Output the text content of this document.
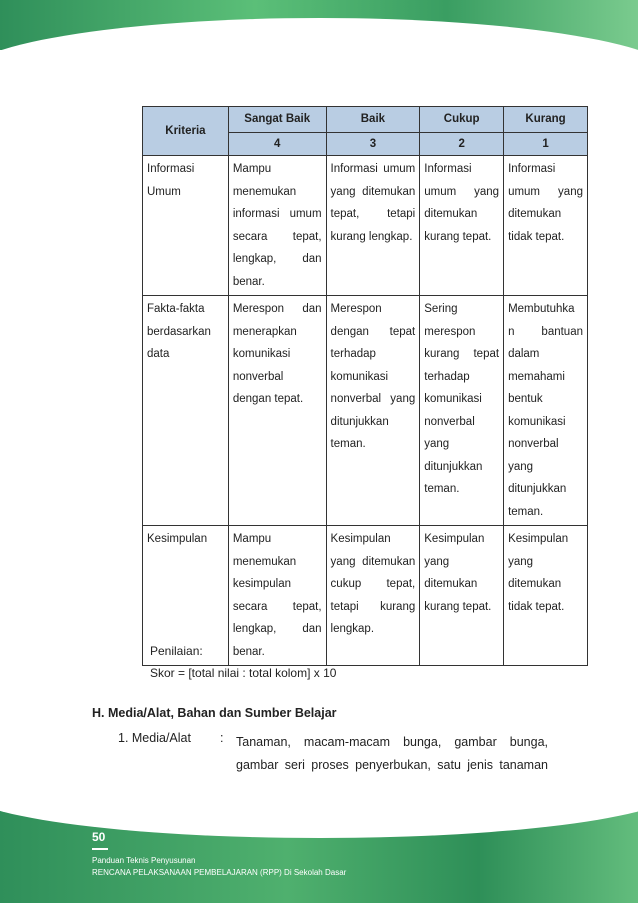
Kriteria	Sangat Baik	Baik	Cukup	Kurang
	4	3	2	1
Informasi Umum	Mampu menemukan informasi umum secara tepat, lengkap, dan benar.	Informasi umum yang ditemukan tepat, tetapi kurang lengkap.	Informasi umum yang ditemukan kurang tepat.	Informasi umum yang ditemukan tidak tepat.
Fakta-fakta berdasarkan data	Merespon dan menerapkan komunikasi nonverbal dengan tepat.	Merespon dengan tepat terhadap komunikasi nonverbal yang ditunjukkan teman.	Sering merespon kurang tepat terhadap komunikasi nonverbal yang ditunjukkan teman.	Membutuhka n bantuan dalam memahami bentuk komunikasi nonverbal yang ditunjukkan teman.
Kesimpulan	Mampu menemukan kesimpulan secara tepat, lengkap, dan benar.	Kesimpulan yang ditemukan cukup tepat, tetapi kurang lengkap.	Kesimpulan yang ditemukan kurang tepat.	Kesimpulan yang ditemukan tidak tepat.
Penilaian:
Skor = [total nilai : total kolom] x 10
H. Media/Alat, Bahan dan Sumber Belajar
1. Media/Alat : Tanaman, macam-macam bunga, gambar bunga, gambar seri proses penyerbukan, satu jenis tanaman
50
Panduan Teknis Penyusunan
RENCANA PELAKSANAAN PEMBELAJARAN (RPP) Di Sekolah Dasar
